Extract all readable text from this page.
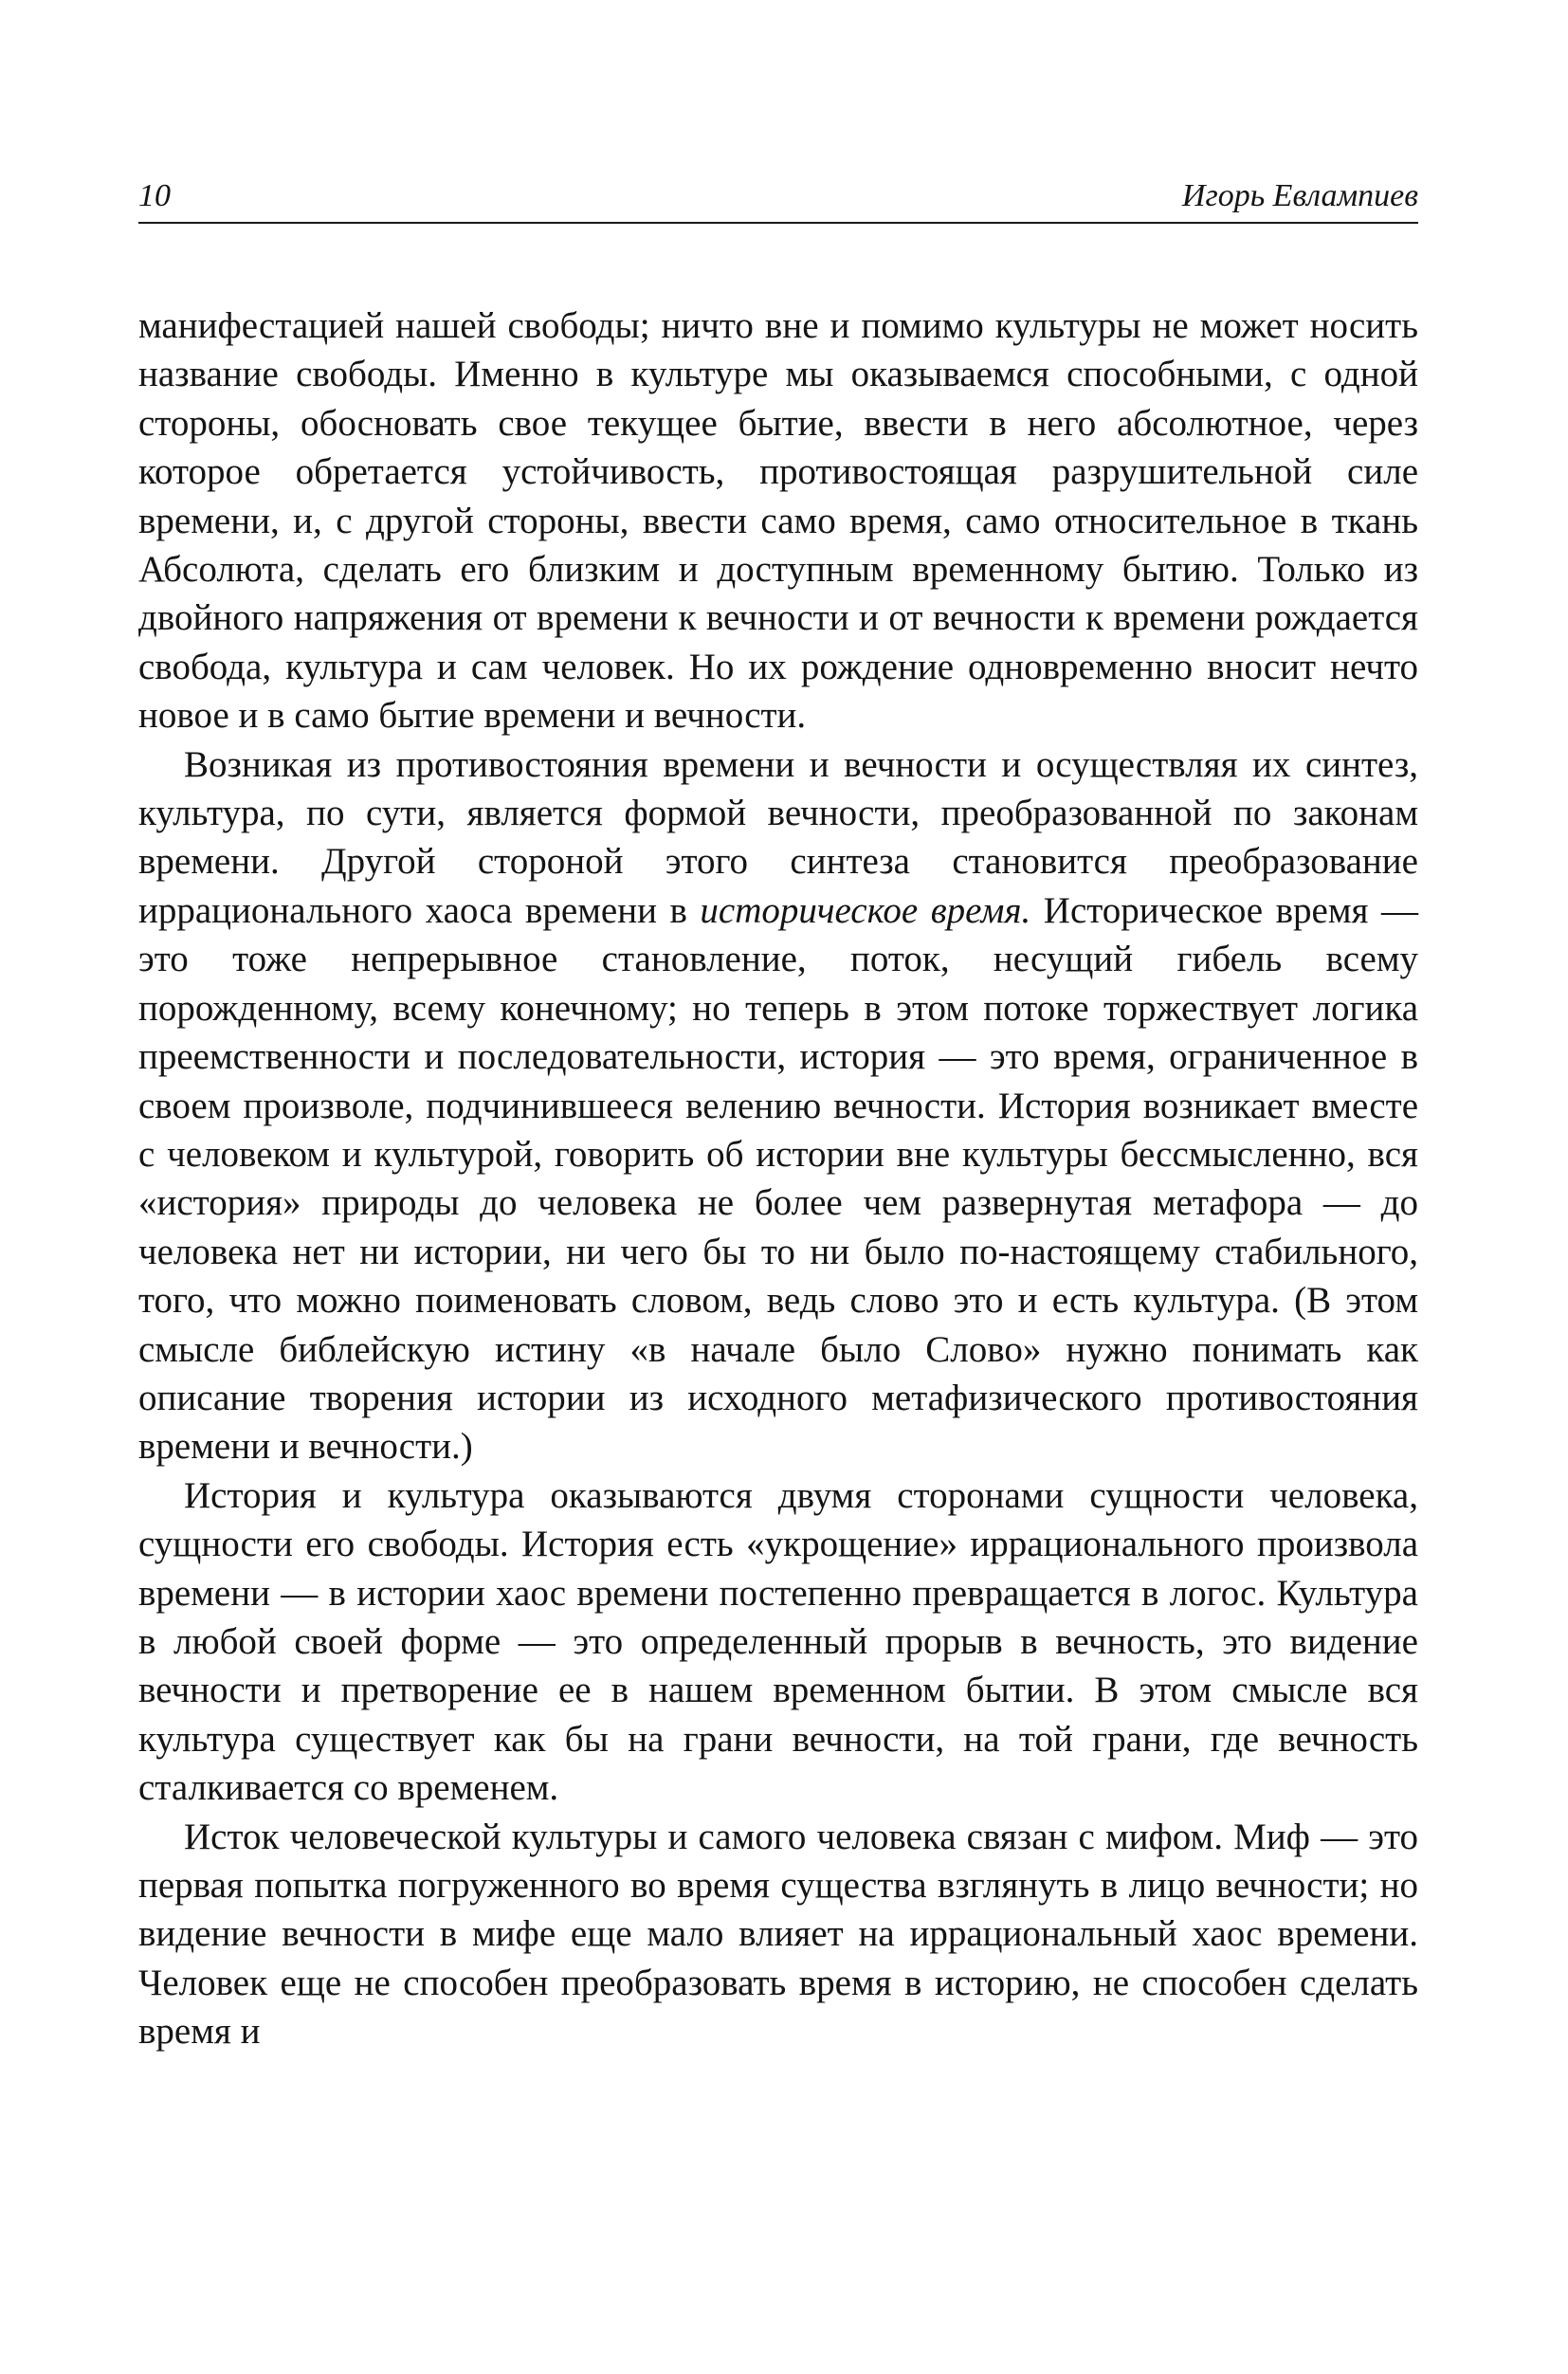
10	Игорь Евлампиев

манифестацией нашей свободы; ничто вне и помимо культуры не может носить название свободы. Именно в культуре мы оказываемся способными, с одной стороны, обосновать свое текущее бытие, ввести в него абсолютное, через которое обретается устойчивость, противостоящая разрушительной силе времени, и, с другой стороны, ввести само время, само относительное в ткань Абсолюта, сделать его близким и доступным временному бытию. Только из двойного напряжения от времени к вечности и от вечности к времени рождается свобода, культура и сам человек. Но их рождение одновременно вносит нечто новое и в само бытие времени и вечности.

Возникая из противостояния времени и вечности и осуществляя их синтез, культура, по сути, является формой вечности, преобразованной по законам времени. Другой стороной этого синтеза становится преобразование иррационального хаоса времени в историческое время. Историческое время — это тоже непрерывное становление, поток, несущий гибель всему порожденному, всему конечному; но теперь в этом потоке торжествует логика преемственности и последовательности, история — это время, ограниченное в своем произволе, подчинившееся велению вечности. История возникает вместе с человеком и культурой, говорить об истории вне культуры бессмысленно, вся «история» природы до человека не более чем развернутая метафора — до человека нет ни истории, ни чего бы то ни было по-настоящему стабильного, того, что можно поименовать словом, ведь слово это и есть культура. (В этом смысле библейскую истину «в начале было Слово» нужно понимать как описание творения истории из исходного метафизического противостояния времени и вечности.)

История и культура оказываются двумя сторонами сущности человека, сущности его свободы. История есть «укрощение» иррационального произвола времени — в истории хаос времени постепенно превращается в логос. Культура в любой своей форме — это определенный прорыв в вечность, это видение вечности и претворение ее в нашем временном бытии. В этом смысле вся культура существует как бы на грани вечности, на той грани, где вечность сталкивается со временем.

Исток человеческой культуры и самого человека связан с мифом. Миф — это первая попытка погруженного во время существа взглянуть в лицо вечности; но видение вечности в мифе еще мало влияет на иррациональный хаос времени. Человек еще не способен преобразовать время в историю, не способен сделать время и
